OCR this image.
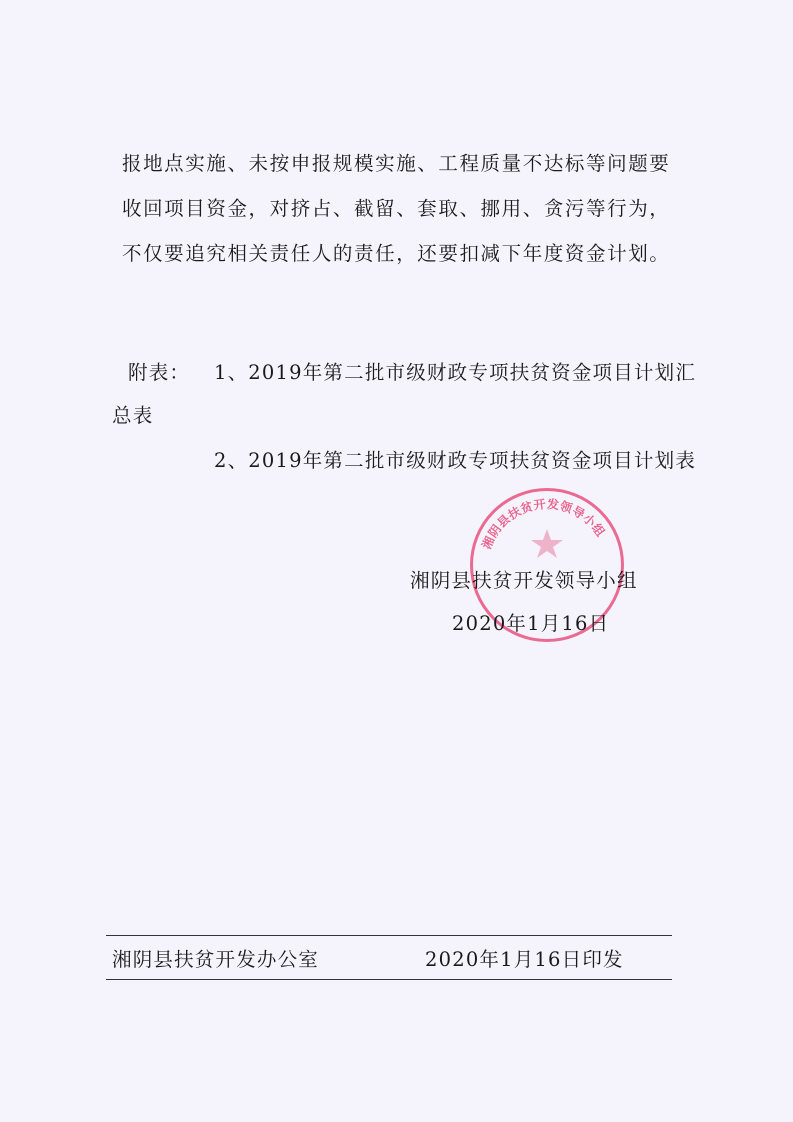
报地点实施、未按申报规模实施、工程质量不达标等问题要
收回项目资金，对挤占、截留、套取、挪用、贪污等行为，
不仅要追究相关责任人的责任，还要扣减下年度资金计划。
附表： 1、2019年第二批市级财政专项扶贫资金项目计划汇
总表
2、2019年第二批市级财政专项扶贫资金项目计划表
湘阴县扶贫开发领导小组
湘阴县扶贫开发领导小组
2020年1月16日
湘阴县扶贫开发办公室	2020年1月16日印发
